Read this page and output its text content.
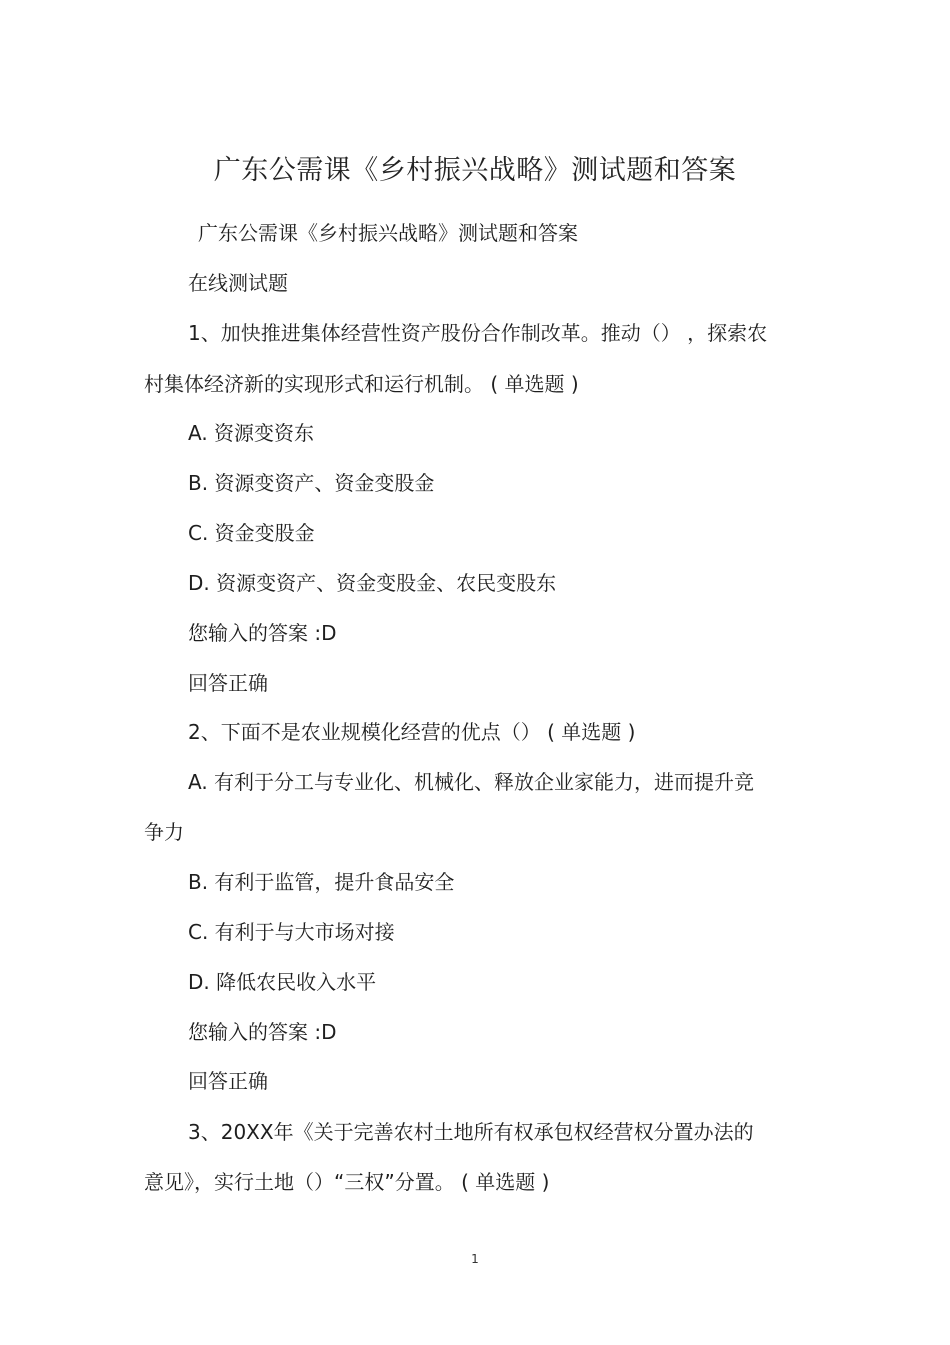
广东公需课《乡村振兴战略》测试题和答案
广东公需课《乡村振兴战略》测试题和答案
在线测试题
1、加快推进集体经营性资产股份合作制改革。推动（） ，探索农
村集体经济新的实现形式和运行机制。 ( 单选题 )
A. 资源变资东
B. 资源变资产、资金变股金
C. 资金变股金
D. 资源变资产、资金变股金、农民变股东
您输入的答案 :D
回答正确
2、下面不是农业规模化经营的优点（） ( 单选题 )
A. 有利于分工与专业化、机械化、释放企业家能力，进而提升竞
争力
B. 有利于监管，提升食品安全
C. 有利于与大市场对接
D. 降低农民收入水平
您输入的答案 :D
回答正确
3、20XX年《关于完善农村土地所有权承包权经营权分置办法的
意见》，实行土地（）“三权”分置。 ( 单选题 )
1
